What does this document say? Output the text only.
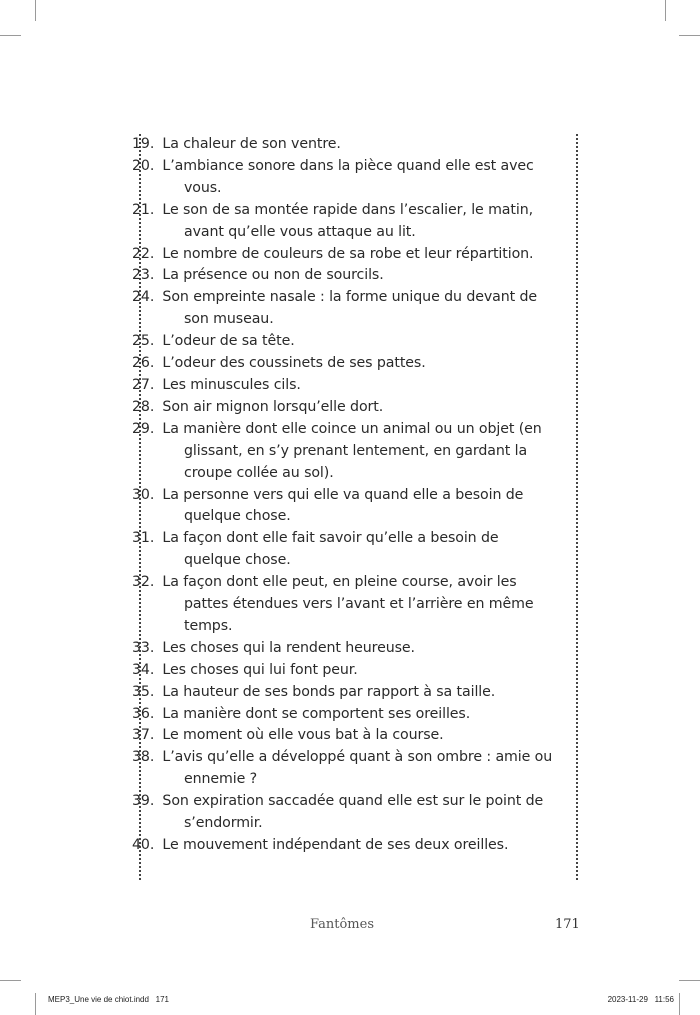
19. La chaleur de son ventre.
20. L’ambiance sonore dans la pièce quand elle est avec vous.
21. Le son de sa montée rapide dans l’escalier, le matin, avant qu’elle vous attaque au lit.
22. Le nombre de couleurs de sa robe et leur répartition.
23. La présence ou non de sourcils.
24. Son empreinte nasale : la forme unique du devant de son museau.
25. L’odeur de sa tête.
26. L’odeur des coussinets de ses pattes.
27. Les minuscules cils.
28. Son air mignon lorsqu’elle dort.
29. La manière dont elle coince un animal ou un objet (en glissant, en s’y prenant lentement, en gardant la croupe collée au sol).
30. La personne vers qui elle va quand elle a besoin de quelque chose.
31. La façon dont elle fait savoir qu’elle a besoin de quelque chose.
32. La façon dont elle peut, en pleine course, avoir les pattes étendues vers l’avant et l’arrière en même temps.
33. Les choses qui la rendent heureuse.
34. Les choses qui lui font peur.
35. La hauteur de ses bonds par rapport à sa taille.
36. La manière dont se comportent ses oreilles.
37. Le moment où elle vous bat à la course.
38. L’avis qu’elle a développé quant à son ombre : amie ou ennemie ?
39. Son expiration saccadée quand elle est sur le point de s’endormir.
40. Le mouvement indépendant de ses deux oreilles.
Fantômes	171
MEP3_Une vie de chiot.indd   171	2023-11-29   11:56
